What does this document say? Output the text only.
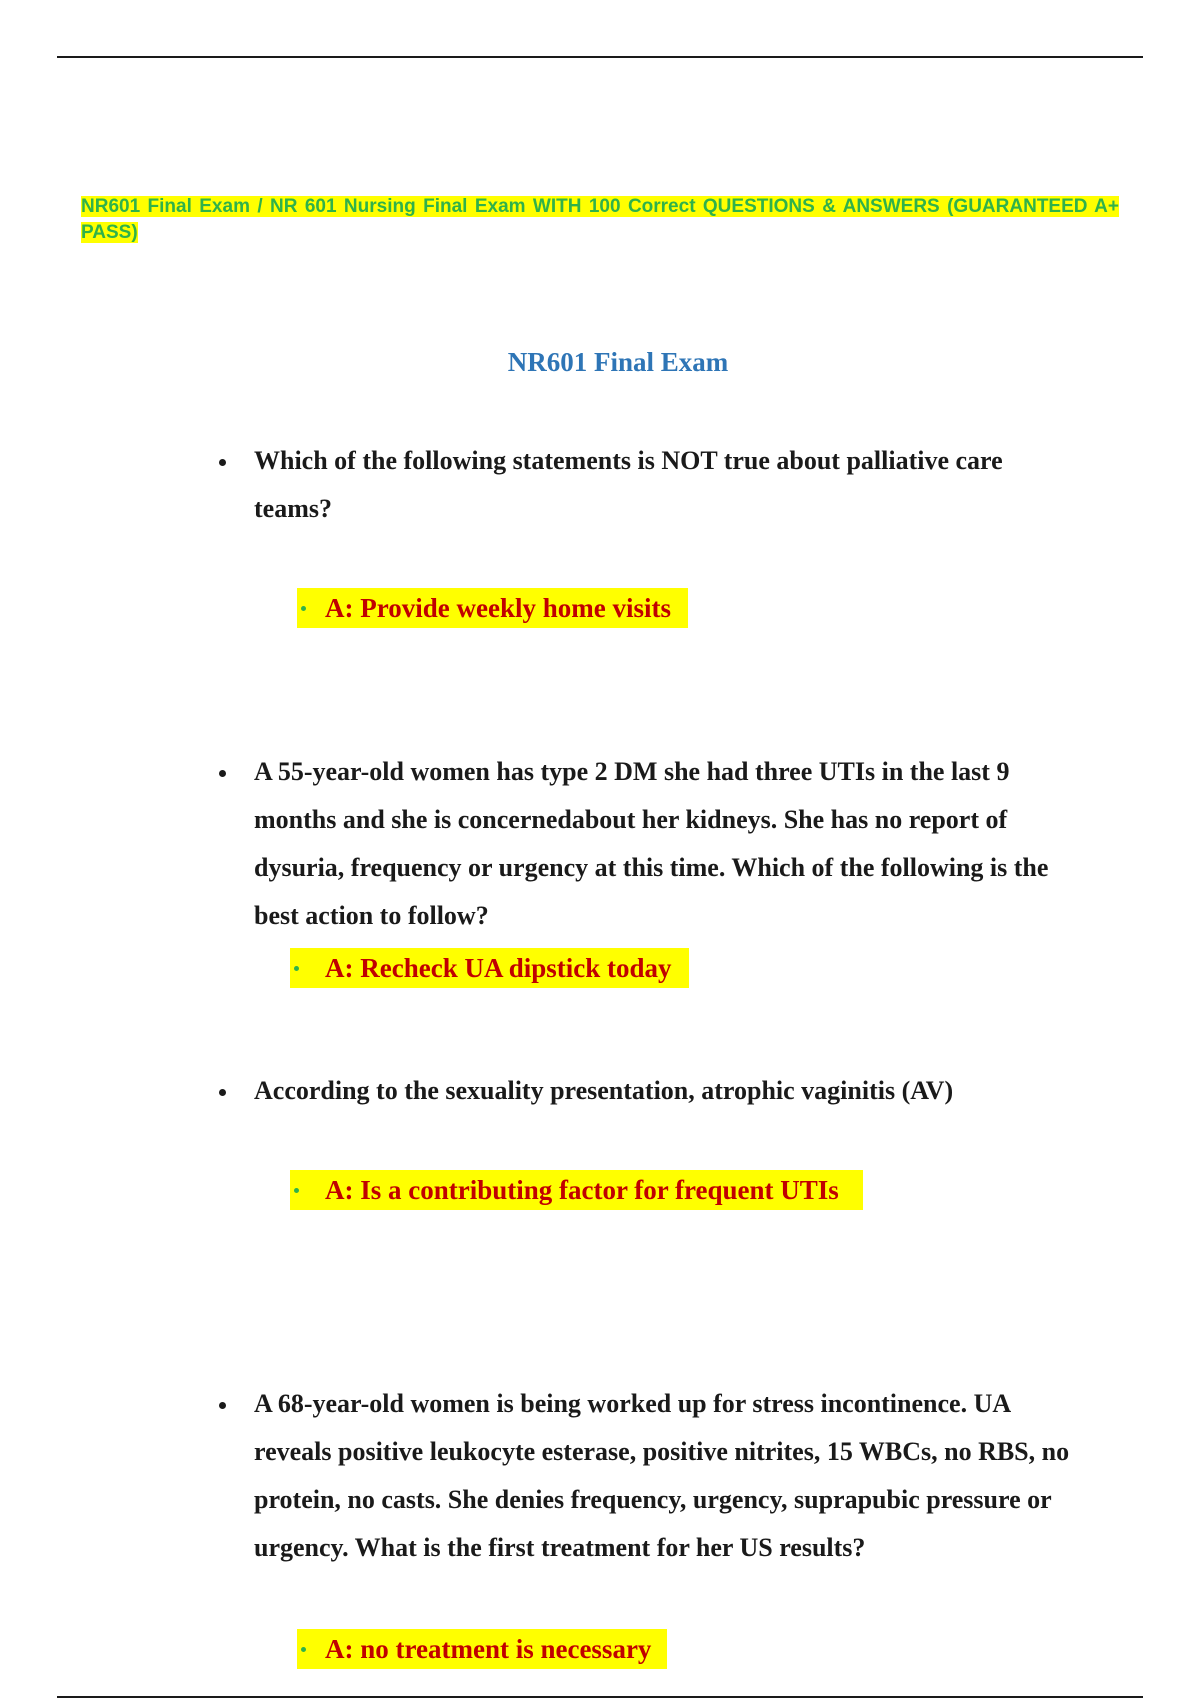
NR601 Final Exam / NR 601 Nursing Final Exam WITH 100 Correct QUESTIONS & ANSWERS (GUARANTEED A+ PASS)
NR601 Final Exam
Which of the following statements is NOT true about palliative care teams?
A: Provide weekly home visits
A 55-year-old women has type 2 DM she had three UTIs in the last 9 months and she is concernedabout her kidneys. She has no report of dysuria, frequency or urgency at this time. Which of the following is the best action to follow?
A: Recheck UA dipstick today
According to the sexuality presentation, atrophic vaginitis (AV)
A: Is a contributing factor for frequent UTIs
A 68-year-old women is being worked up for stress incontinence. UA reveals positive leukocyte esterase, positive nitrites, 15 WBCs, no RBS, no protein, no casts. She denies frequency, urgency, suprapubic pressure or urgency. What is the first treatment for her US results?
A: no treatment is necessary
